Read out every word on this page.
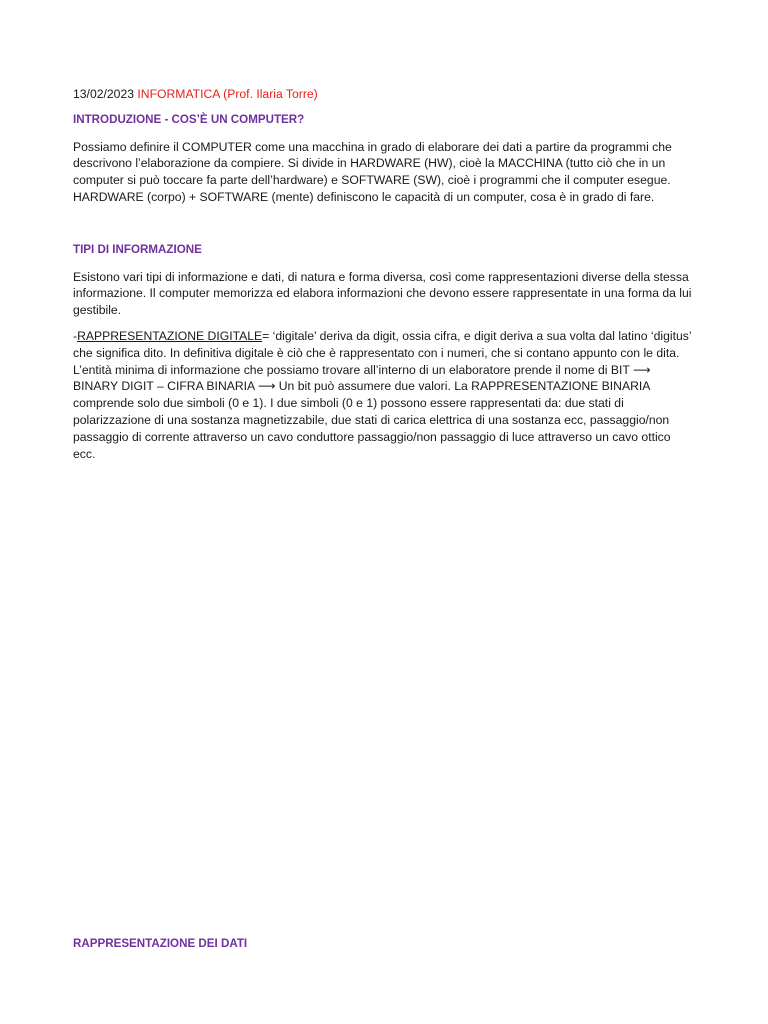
13/02/2023 INFORMATICA (Prof. Ilaria Torre)

INTRODUZIONE - COS’È UN COMPUTER?

Possiamo definire il COMPUTER come una macchina in grado di elaborare dei dati a partire da programmi che descrivono l’elaborazione da compiere. Si divide in HARDWARE (HW), cioè la MACCHINA (tutto ciò che in un computer si può toccare fa parte dell’hardware) e SOFTWARE (SW), cioè i programmi che il computer esegue. HARDWARE (corpo) + SOFTWARE (mente) definiscono le capacità di un computer, cosa è in grado di fare.

TIPI DI INFORMAZIONE

Esistono vari tipi di informazione e dati, di natura e forma diversa, così come rappresentazioni diverse della stessa informazione. Il computer memorizza ed elabora informazioni che devono essere rappresentate in una forma da lui gestibile.

-RAPPRESENTAZIONE DIGITALE= ‘digitale’ deriva da digit, ossia cifra, e digit deriva a sua volta dal latino ‘digitus’ che significa dito. In definitiva digitale è ciò che è rappresentato con i numeri, che si contano appunto con le dita. L’entità minima di informazione che possiamo trovare all’interno di un elaboratore prende il nome di BIT ⟶ BINARY DIGIT – CIFRA BINARIA ⟶ Un bit può assumere due valori. La RAPPRESENTAZIONE BINARIA comprende solo due simboli (0 e 1). I due simboli (0 e 1) possono essere rappresentati da: due stati di polarizzazione di una sostanza magnetizzabile, due stati di carica elettrica di una sostanza ecc, passaggio/non passaggio di corrente attraverso un cavo conduttore passaggio/non passaggio di luce attraverso un cavo ottico ecc.

RAPPRESENTAZIONE DEI DATI
